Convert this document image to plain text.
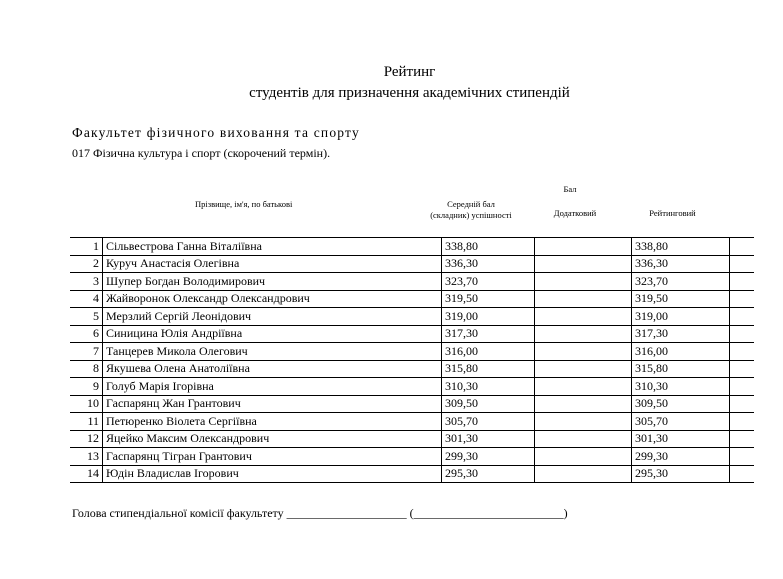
Рейтинг
студентів для призначення академічних стипендій
Факультет фізичного виховання та спорту
017 Фізична культура і спорт (скорочений термін).
Прізвище, ім'я, по батькові
Бал
Середній бал (складник) успішності	Додатковий	Рейтинговий
1	Сільвестрова Ганна Віталіївна	338,80		338,80	
2	Куруч Анастасія Олегівна	336,30		336,30	
3	Шупер Богдан Володимирович	323,70		323,70	
4	Жайворонок Олександр Олександрович	319,50		319,50	
5	Мерзлий Сергій Леонідович	319,00		319,00	
6	Синицина Юлія Андріївна	317,30		317,30	
7	Танцерев Микола Олегович	316,00		316,00	
8	Якушева Олена Анатоліївна	315,80		315,80	
9	Голуб Марія Ігорівна	310,30		310,30	
10	Гаспарянц Жан Грантович	309,50		309,50	
11	Петюренко Віолета Сергіївна	305,70		305,70	
12	Яцейко Максим Олександрович	301,30		301,30	
13	Гаспарянц Тігран Грантович	299,30		299,30	
14	Юдін Владислав Ігорович	295,30		295,30	
Голова стипендіальної комісії факультету ____________________ (_________________________)
